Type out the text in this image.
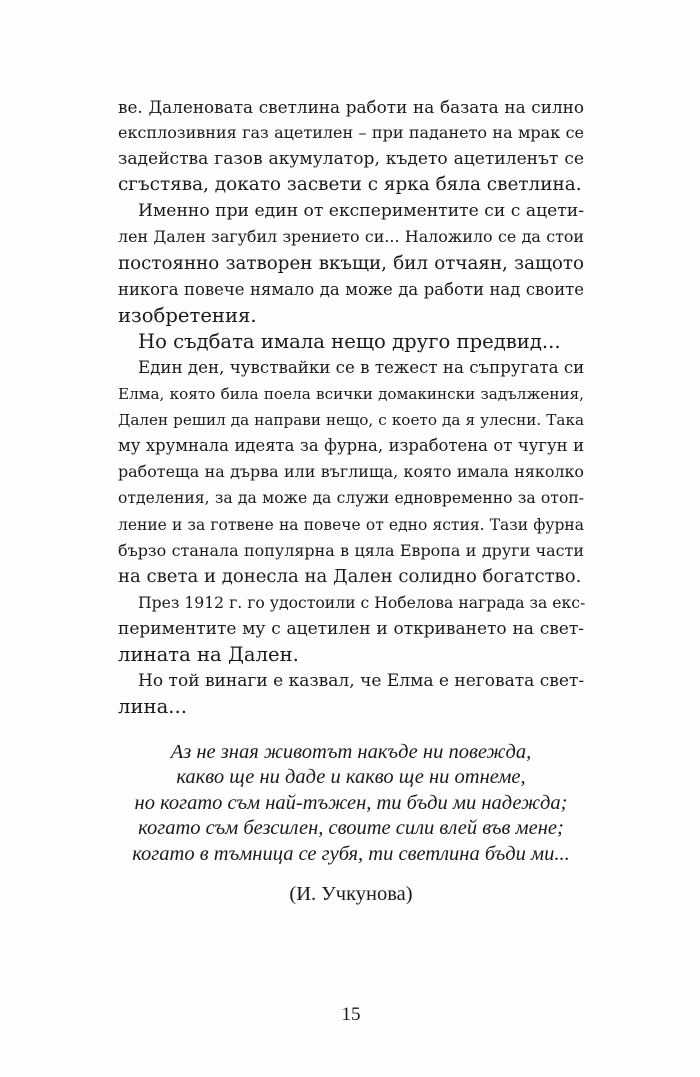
ве. Даленовата светлина работи на базата на силно
експлозивния газ ацетилен – при падането на мрак се
задейства газов акумулатор, където ацетиленът се
сгъстява, докато засвети с ярка бяла светлина.

Именно при един от експериментите си с ацети-
лен Дален загубил зрението си... Наложило се да стои
постоянно затворен вкъщи, бил отчаян, защото
никога повече нямало да може да работи над своите
изобретения.

Но съдбата имала нещо друго предвид...

Един ден, чувствайки се в тежест на съпругата си
Елма, която била поела всички домакински задължения,
Дален решил да направи нещо, с което да я улесни. Така
му хрумнала идеята за фурна, изработена от чугун и
работеща на дърва или въглища, която имала няколко
отделения, за да може да служи едновременно за отоп-
ление и за готвене на повече от едно ястия. Тази фурна
бързо станала популярна в цяла Европа и други части
на света и донесла на Дален солидно богатство.

През 1912 г. го удостоили с Нобелова награда за екс-
периментите му с ацетилен и откриването на свет-
лината на Дален.

Но той винаги е казвал, че Елма е неговата свет-
лина...

Аз не зная животът накъде ни повежда,
какво ще ни даде и какво ще ни отнеме,
но когато съм най-тъжен, ти бъди ми надежда;
когато съм безсилен, своите сили влей във мене;
когато в тъмница се губя, ти светлина бъди ми...
(И. Учкунова)
15
